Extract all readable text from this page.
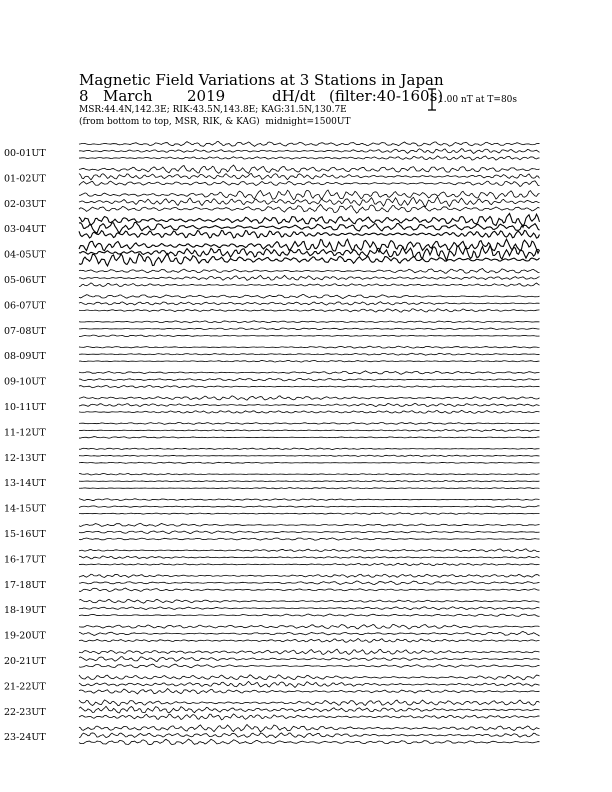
Magnetic Field Variations at 3 Stations in Japan
8 March 2019	dH/dt (filter:40-160s)
MSR:44.4N,142.3E; RIK:43.5N,143.8E; KAG:31.5N,130.7E
(from bottom to top, MSR, RIK, & KAG) midnight=1500UT
1.00 nT at T=80s
00-01UT
01-02UT
02-03UT
03-04UT
04-05UT
05-06UT
06-07UT
07-08UT
08-09UT
09-10UT
10-11UT
11-12UT
12-13UT
13-14UT
14-15UT
15-16UT
16-17UT
17-18UT
18-19UT
19-20UT
20-21UT
21-22UT
22-23UT
23-24UT
